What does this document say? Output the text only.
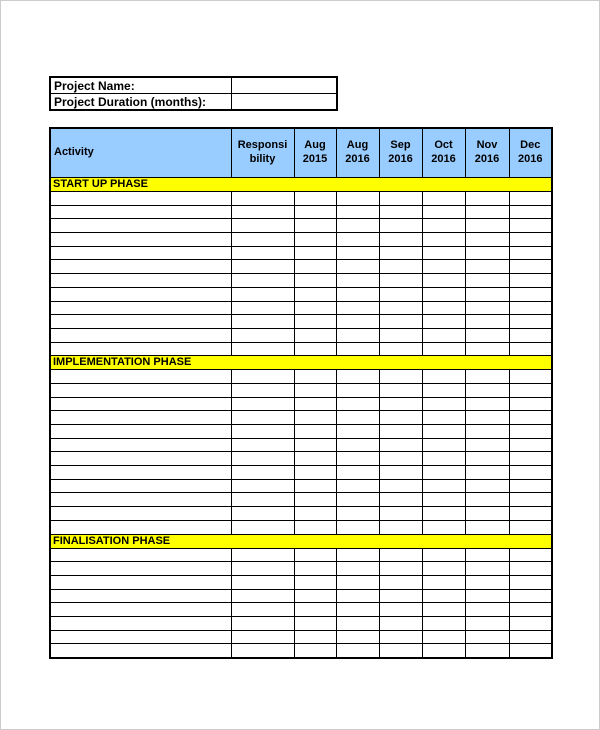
Project Name:	
Project Duration (months):	
Activity	Responsi bility	Aug 2015	Aug 2016	Sep 2016	Oct 2016	Nov 2016	Dec 2016
START UP PHASE							

IMPLEMENTATION PHASE							

FINALISATION PHASE							
